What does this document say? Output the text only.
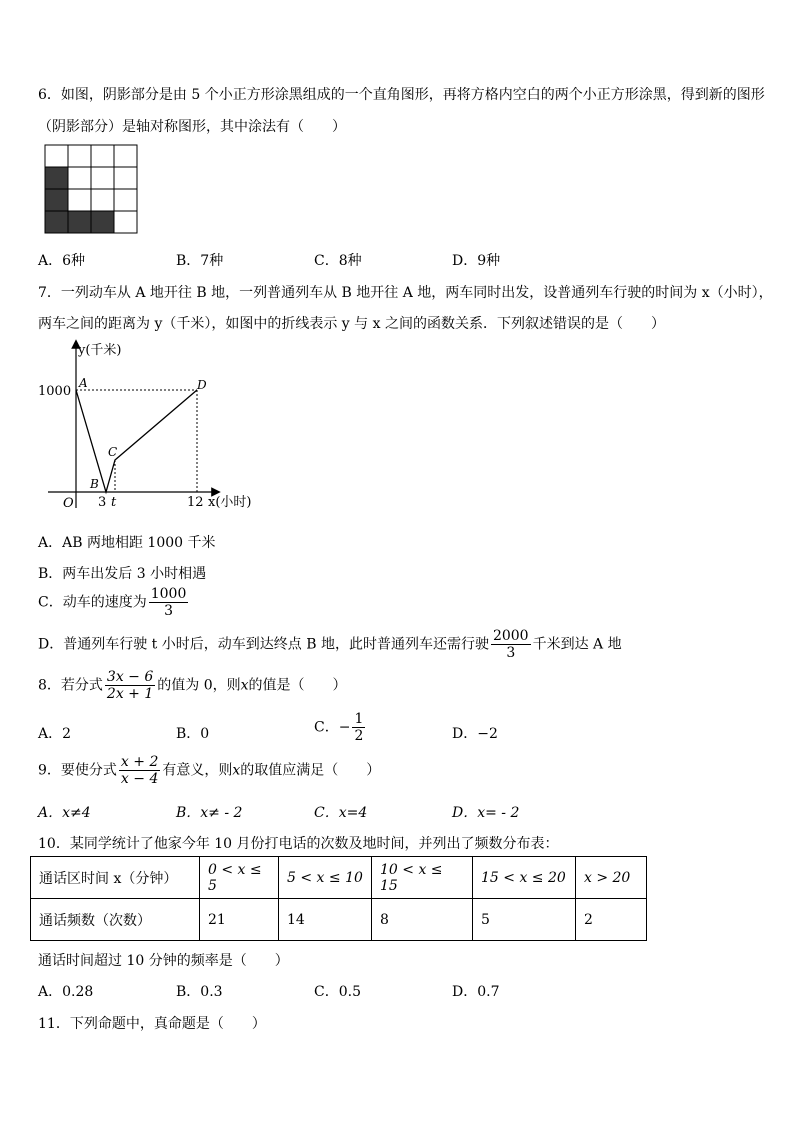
6．如图，阴影部分是由 5 个小正方形涂黑组成的一个直角图形，再将方格内空白的两个小正方形涂黑，得到新的图形
（阴影部分）是轴对称图形，其中涂法有（　　）
A．6种	B．7种	C．8种	D．9种
7．一列动车从 A 地开往 B 地，一列普通列车从 B 地开往 A 地，两车同时出发，设普通列车行驶的时间为 x（小时），
两车之间的距离为 y（千米），如图中的折线表示 y 与 x 之间的函数关系．下列叙述错误的是（　　）
y(千米)
1000
A
B
C
D
O 3 t	12 x(小时)
A．AB 两地相距 1000 千米
B．两车出发后 3 小时相遇
C．动车的速度为 $\frac{1000}{3}$
D．普通列车行驶 t 小时后，动车到达终点 B 地，此时普通列车还需行驶 $\frac{2000}{3}$ 千米到达 A 地
8．若分式 $\frac{3x - 6}{2x + 1}$ 的值为 0，则x的值是（　　）
A．2	B．0	C．− $\frac{1}{2}$	D．−2
9．要使分式 $\frac{x + 2}{x - 4}$ 有意义，则x的取值应满足（　　）
A．x≠4	B．x≠ - 2	C．x=4	D．x= - 2
10．某同学统计了他家今年 10 月份打电话的次数及地时间，并列出了频数分布表：
通话区时间 x（分钟）	0 < x ≤ 5	5 < x ≤ 10	10 < x ≤ 15	15 < x ≤ 20	x > 20
通话频数（次数）	21	14	8	5	2
通话时间超过 10 分钟的频率是（　　）
A．0.28	B．0.3	C．0.5	D．0.7
11．下列命题中，真命题是（　　）
